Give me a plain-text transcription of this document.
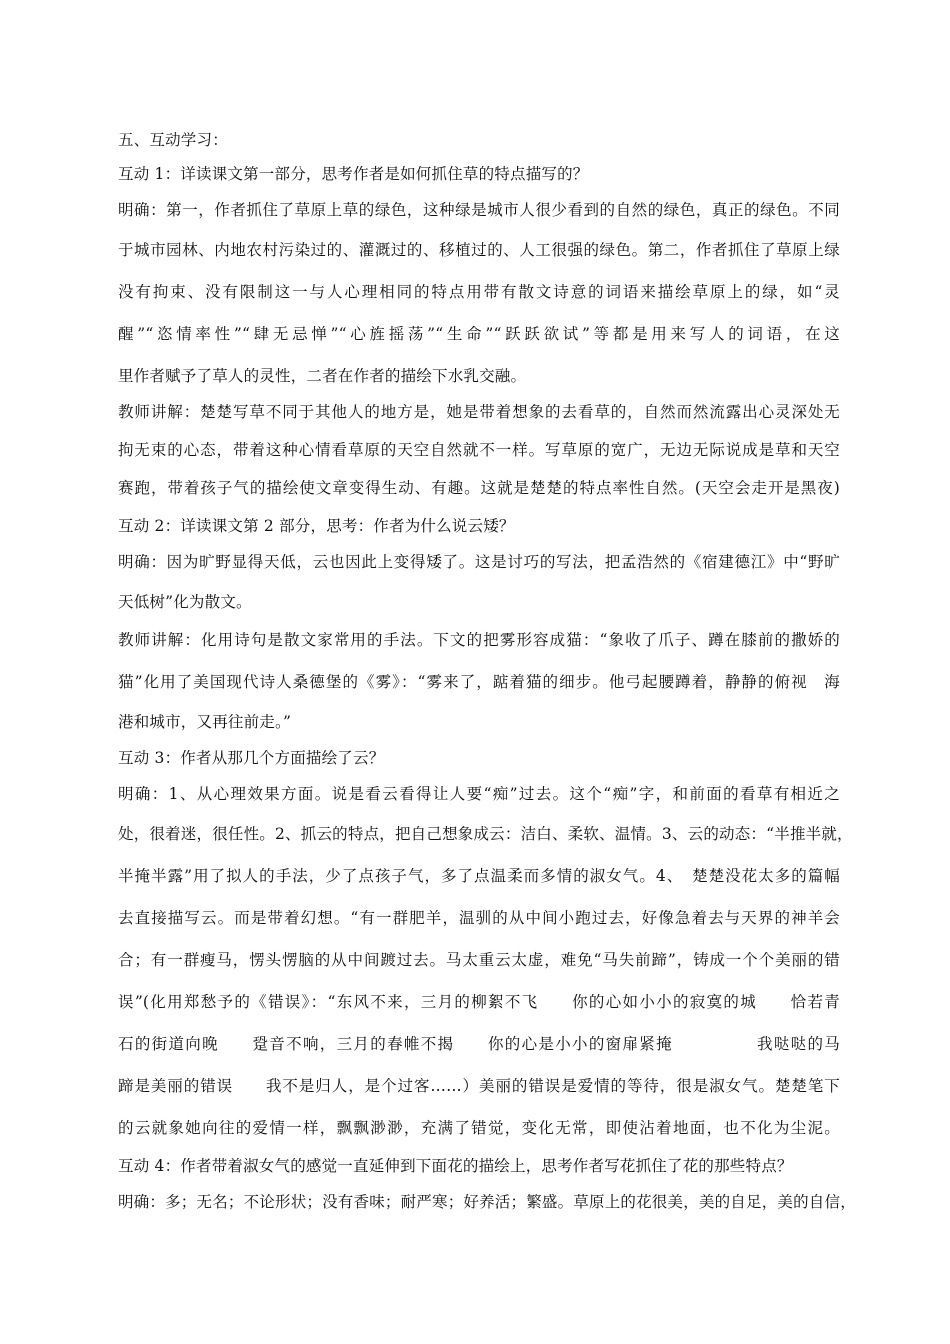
五、互动学习：
互动 1：详读课文第一部分，思考作者是如何抓住草的特点描写的？
明确：第一，作者抓住了草原上草的绿色，这种绿是城市人很少看到的自然的绿色，真正的绿色。不同
于城市园林、内地农村污染过的、灌溉过的、移植过的、人工很强的绿色。第二，作者抓住了草原上绿
没有拘束、没有限制这一与人心理相同的特点用带有散文诗意的词语来描绘草原上的绿，如“灵
醒”“恣情率性”“肆无忌惮”“心旌摇荡”“生命”“跃跃欲试”等都是用来写人的词语，在这
里作者赋予了草人的灵性，二者在作者的描绘下水乳交融。
教师讲解：楚楚写草不同于其他人的地方是，她是带着想象的去看草的，自然而然流露出心灵深处无
拘无束的心态，带着这种心情看草原的天空自然就不一样。写草原的宽广，无边无际说成是草和天空
赛跑，带着孩子气的描绘使文章变得生动、有趣。这就是楚楚的特点率性自然。(天空会走开是黑夜)
互动 2：详读课文第 2 部分，思考：作者为什么说云矮？
明确：因为旷野显得天低，云也因此上变得矮了。这是讨巧的写法，把孟浩然的《宿建德江》中“野旷
天低树”化为散文。
教师讲解：化用诗句是散文家常用的手法。下文的把雾形容成猫：“象收了爪子、蹲在膝前的撒娇的
猫”化用了美国现代诗人桑德堡的《雾》：“雾来了，踮着猫的细步。他弓起腰蹲着，静静的俯视　海
港和城市，又再往前走。”
互动 3：作者从那几个方面描绘了云？
明确：1、从心理效果方面。说是看云看得让人要“痴”过去。这个“痴”字，和前面的看草有相近之
处，很着迷，很任性。2、抓云的特点，把自己想象成云：洁白、柔软、温情。3、云的动态：“半推半就，
半掩半露”用了拟人的手法，少了点孩子气，多了点温柔而多情的淑女气。4、　楚楚没花太多的篇幅
去直接描写云。而是带着幻想。“有一群肥羊，温驯的从中间小跑过去，好像急着去与天界的神羊会
合；有一群瘦马，愣头愣脑的从中间踱过去。马太重云太虚，难免“马失前蹄”，铸成一个个美丽的错
误”(化用郑愁予的《错误》：“东风不来，三月的柳絮不飞　　你的心如小小的寂寞的城　　恰若青
石的街道向晚　　跫音不响，三月的春帷不揭　　你的心是小小的窗扉紧掩　　　　　我哒哒的马
蹄是美丽的错误　　我不是归人，是个过客……）美丽的错误是爱情的等待，很是淑女气。楚楚笔下
的云就象她向往的爱情一样，飘飘渺渺，充满了错觉，变化无常，即使沾着地面，也不化为尘泥。
互动 4：作者带着淑女气的感觉一直延伸到下面花的描绘上，思考作者写花抓住了花的那些特点？
明确：多；无名；不论形状；没有香味；耐严寒；好养活；繁盛。草原上的花很美，美的自足，美的自信，
